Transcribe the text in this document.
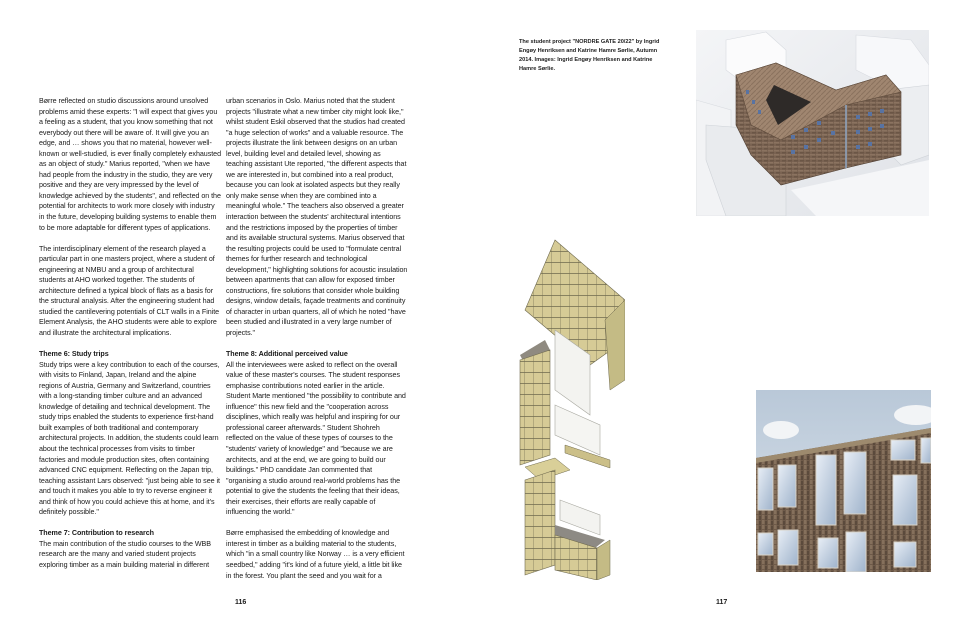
Børre reflected on studio discussions around unsolved problems amid these experts: "I will expect that gives you a feeling as a student, that you know something that not everybody out there will be aware of. It will give you an edge, and … shows you that no material, however well-known or well-studied, is ever finally completely exhausted as an object of study." Marius reported, "when we have had people from the industry in the studio, they are very positive and they are very impressed by the level of knowledge achieved by the students", and reflected on the potential for architects to work more closely with industry in the future, developing building systems to enable them to be more adaptable for different types of applications.

The interdisciplinary element of the research played a particular part in one masters project, where a student of engineering at NMBU and a group of architectural students at AHO worked together. The students of architecture defined a typical block of flats as a basis for the structural analysis. After the engineering student had studied the cantilevering potentials of CLT walls in a Finite Element Analysis, the AHO students were able to explore and illustrate the architectural implications.

Theme 6: Study trips

Study trips were a key contribution to each of the courses, with visits to Finland, Japan, Ireland and the alpine regions of Austria, Germany and Switzerland, countries with a long-standing timber culture and an advanced knowledge of detailing and technical development. The study trips enabled the students to experience first-hand built examples of both traditional and contemporary architectural projects. In addition, the students could learn about the technical processes from visits to timber factories and module production sites, often containing advanced CNC equipment. Reflecting on the Japan trip, teaching assistant Lars observed: "just being able to see it and touch it makes you able to try to reverse engineer it and think of how you could achieve this at home, and it's definitely possible."

Theme 7: Contribution to research

The main contribution of the studio courses to the WBB research are the many and varied student projects exploring timber as a main building material in different

urban scenarios in Oslo. Marius noted that the student projects "illustrate what a new timber city might look like," whilst student Eskil observed that the studios had created "a huge selection of works" and a valuable resource. The projects illustrate the link between designs on an urban level, building level and detailed level, showing as teaching assistant Ute reported, "the different aspects that we are interested in, but combined into a real product, because you can look at isolated aspects but they really only make sense when they are combined into a meaningful whole." The teachers also observed a greater interaction between the students' architectural intentions and the restrictions imposed by the properties of timber and its available structural systems. Marius observed that the resulting projects could be used to "formulate central themes for further research and technological development," highlighting solutions for acoustic insulation between apartments that can allow for exposed timber constructions, fire solutions that consider whole building designs, window details, façade treatments and continuity of character in urban quarters, all of which he noted "have been studied and illustrated in a very large number of projects."

Theme 8: Additional perceived value

All the interviewees were asked to reflect on the overall value of these master's courses. The student responses emphasise contributions noted earlier in the article. Student Marte mentioned "the possibility to contribute and influence" this new field and the "cooperation across disciplines, which really was helpful and inspiring for our professional career afterwards." Student Shohreh reflected on the value of these types of courses to the "students' variety of knowledge" and "because we are architects, and at the end, we are going to build our buildings." PhD candidate Jan commented that "organising a studio around real-world problems has the potential to give the students the feeling that their ideas, their exercises, their efforts are really capable of influencing the world."

Børre emphasised the embedding of knowledge and interest in timber as a building material to the students, which "in a small country like Norway … is a very efficient seedbed," adding "it's kind of a future yield, a little bit like in the forest. You plant the seed and you wait for a

116
The student project "NORDRE GATE 20/22" by Ingrid Engøy Henriksen and Katrine Hamre Sørlie, Autumn 2014. Images: Ingrid Engøy Henriksen and Katrine Hamre Sørlie.
117
